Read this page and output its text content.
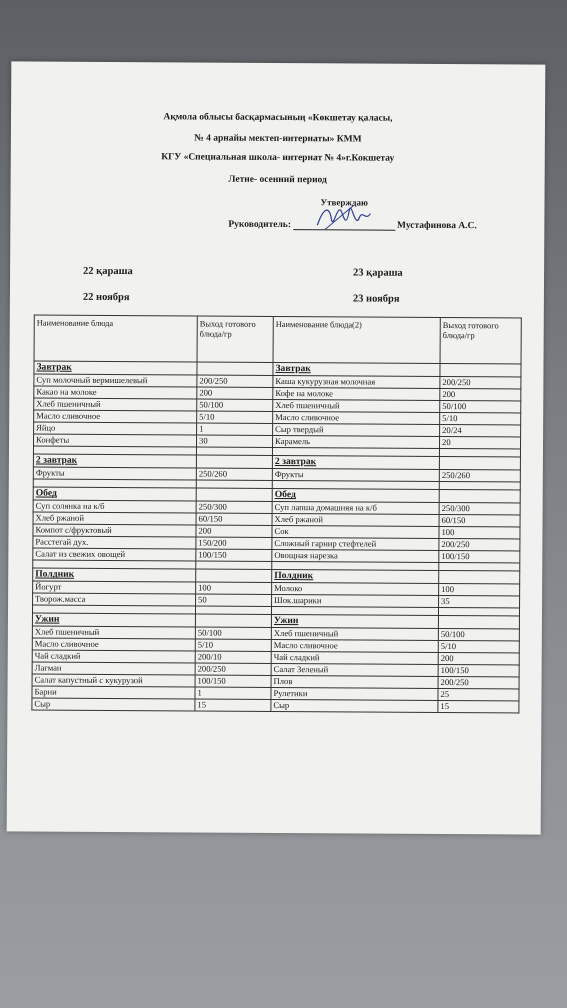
Ақмола облысы басқармасының «Көкшетау қаласы,
№ 4 арнайы мектеп-интернаты» КММ
КГУ «Специальная школа- интернат № 4»г.Кокшетау
Летне- осенний период
Утверждаю
Руководитель:	Мустафинова А.С.
22 қараша
22 ноября
23 қараша
23 ноября
Наименование блюда	Выход готового блюда/гр	Наименование блюда(2)	Выход готового блюда/гр
Завтрак		Завтрак	
Суп молочный вермишелевый	200/250	Каша кукурузная молочная	200/250
Какао на молоке	200	Кофе на молоке	200
Хлеб пшеничный	50/100	Хлеб пшеничный	50/100
Масло сливочное	5/10	Масло сливочное	5/10
Яйцо	1	Сыр твердый	20/24
Конфеты	30	Карамель	20

2 завтрак		2 завтрак	
Фрукты	250/260	Фрукты	250/260

Обед		Обед	
Суп солянка на к/б	250/300	Суп лапша домашняя на к/б	250/300
Хлеб ржаной	60/150	Хлеб ржаной	60/150
Компот с/фруктовый	200	Сок	100
Расстегай дух.	150/200	Сложный гарнир стефтелей	200/250
Салат из свежих овощей	100/150	Овощная нарезка	100/150

Полдник		Полдник	
Йогурт	100	Молоко	100
Творож.масса	50	Шок.шарики	35

Ужин		Ужин	
Хлеб пшеничный	50/100	Хлеб пшеничный	50/100
Масло сливочное	5/10	Масло сливочное	5/10
Чай сладкий	200/10	Чай сладкий	200
Лагман	200/250	Салат Зеленый	100/150
Салат капустный с кукурузой	100/150	Плов	200/250
Барни	1	Рулетики	25
Сыр	15	Сыр	15
